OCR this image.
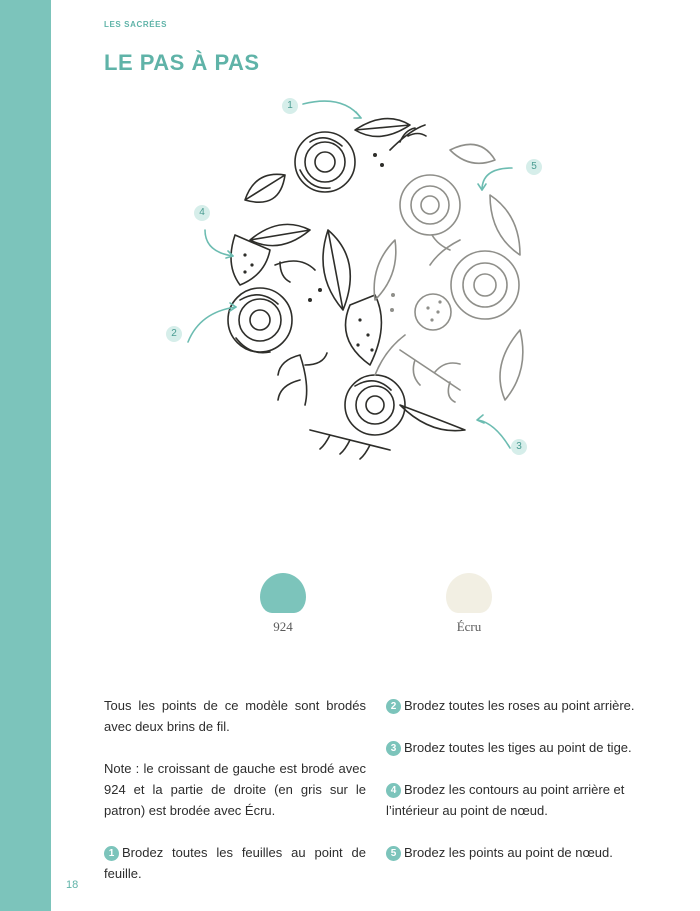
LES SACRÉES
LE PAS À PAS
1
4
5
2
3
924	Écru

Tous les points de ce modèle sont brodés avec deux brins de fil.

Note : le croissant de gauche est brodé avec 924 et la partie de droite (en gris sur le patron) est brodée avec Écru.

1 Brodez toutes les feuilles au point de feuille.

2 Brodez toutes les roses au point arrière.

3 Brodez toutes les tiges au point de tige.

4 Brodez les contours au point arrière et l’intérieur au point de nœud.

5 Brodez les points au point de nœud.

18
